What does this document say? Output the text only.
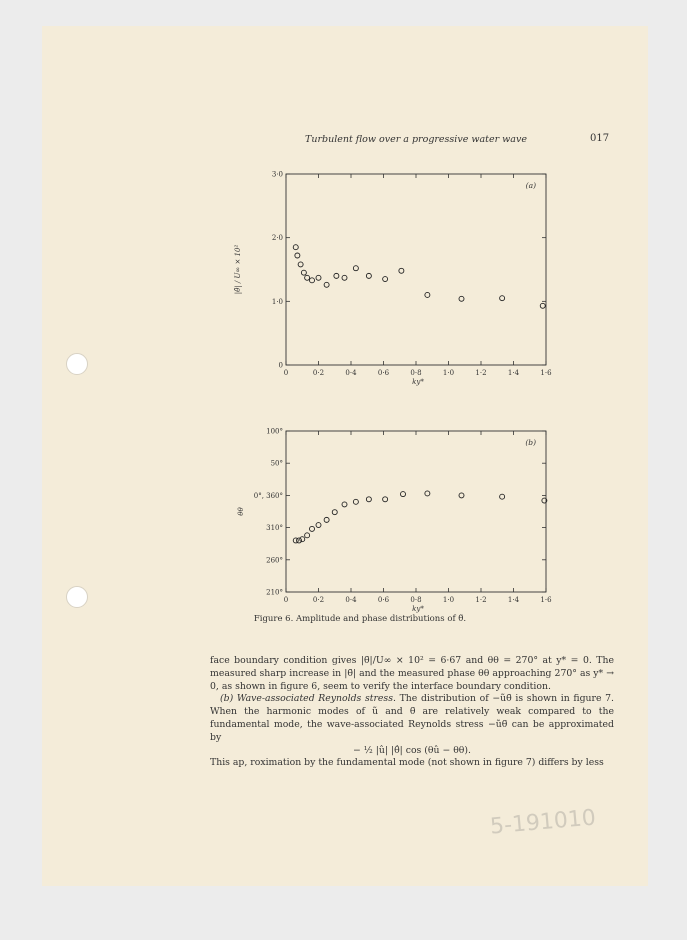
5-191010
Turbulent flow over a progressive water wave	017
0	0·2	0·4	0·6	0·8	1·0	1·2	1·4	1·6
0
1·0
2·0
3·0
ky*
|θ̃| / U∞ × 10²
(a)
0	0·2	0·4	0·6	0·8	1·0	1·2	1·4	1·6
210°
260°
310°
0°, 360°
50°
100°
ky*
θθ
(b)
Figure 6. Amplitude and phase distributions of θ̃.

face boundary condition gives |θ̃|/U∞ × 10² = 6·67 and θθ = 270° at y* = 0. The measured sharp increase in |θ̃| and the measured phase θθ approaching 270° as y* → 0, as shown in figure 6, seem to verify the interface boundary condition.

(b) Wave-associated Reynolds stress. The distribution of −ũθ̃ is shown in figure 7. When the harmonic modes of ũ and θ̃ are relatively weak compared to the fundamental mode, the wave-associated Reynolds stress −ũθ̃ can be approximated by

− ½ |û| |θ̂| cos (θû − θθ).

This ap, roximation by the fundamental mode (not shown in figure 7) differs by less
